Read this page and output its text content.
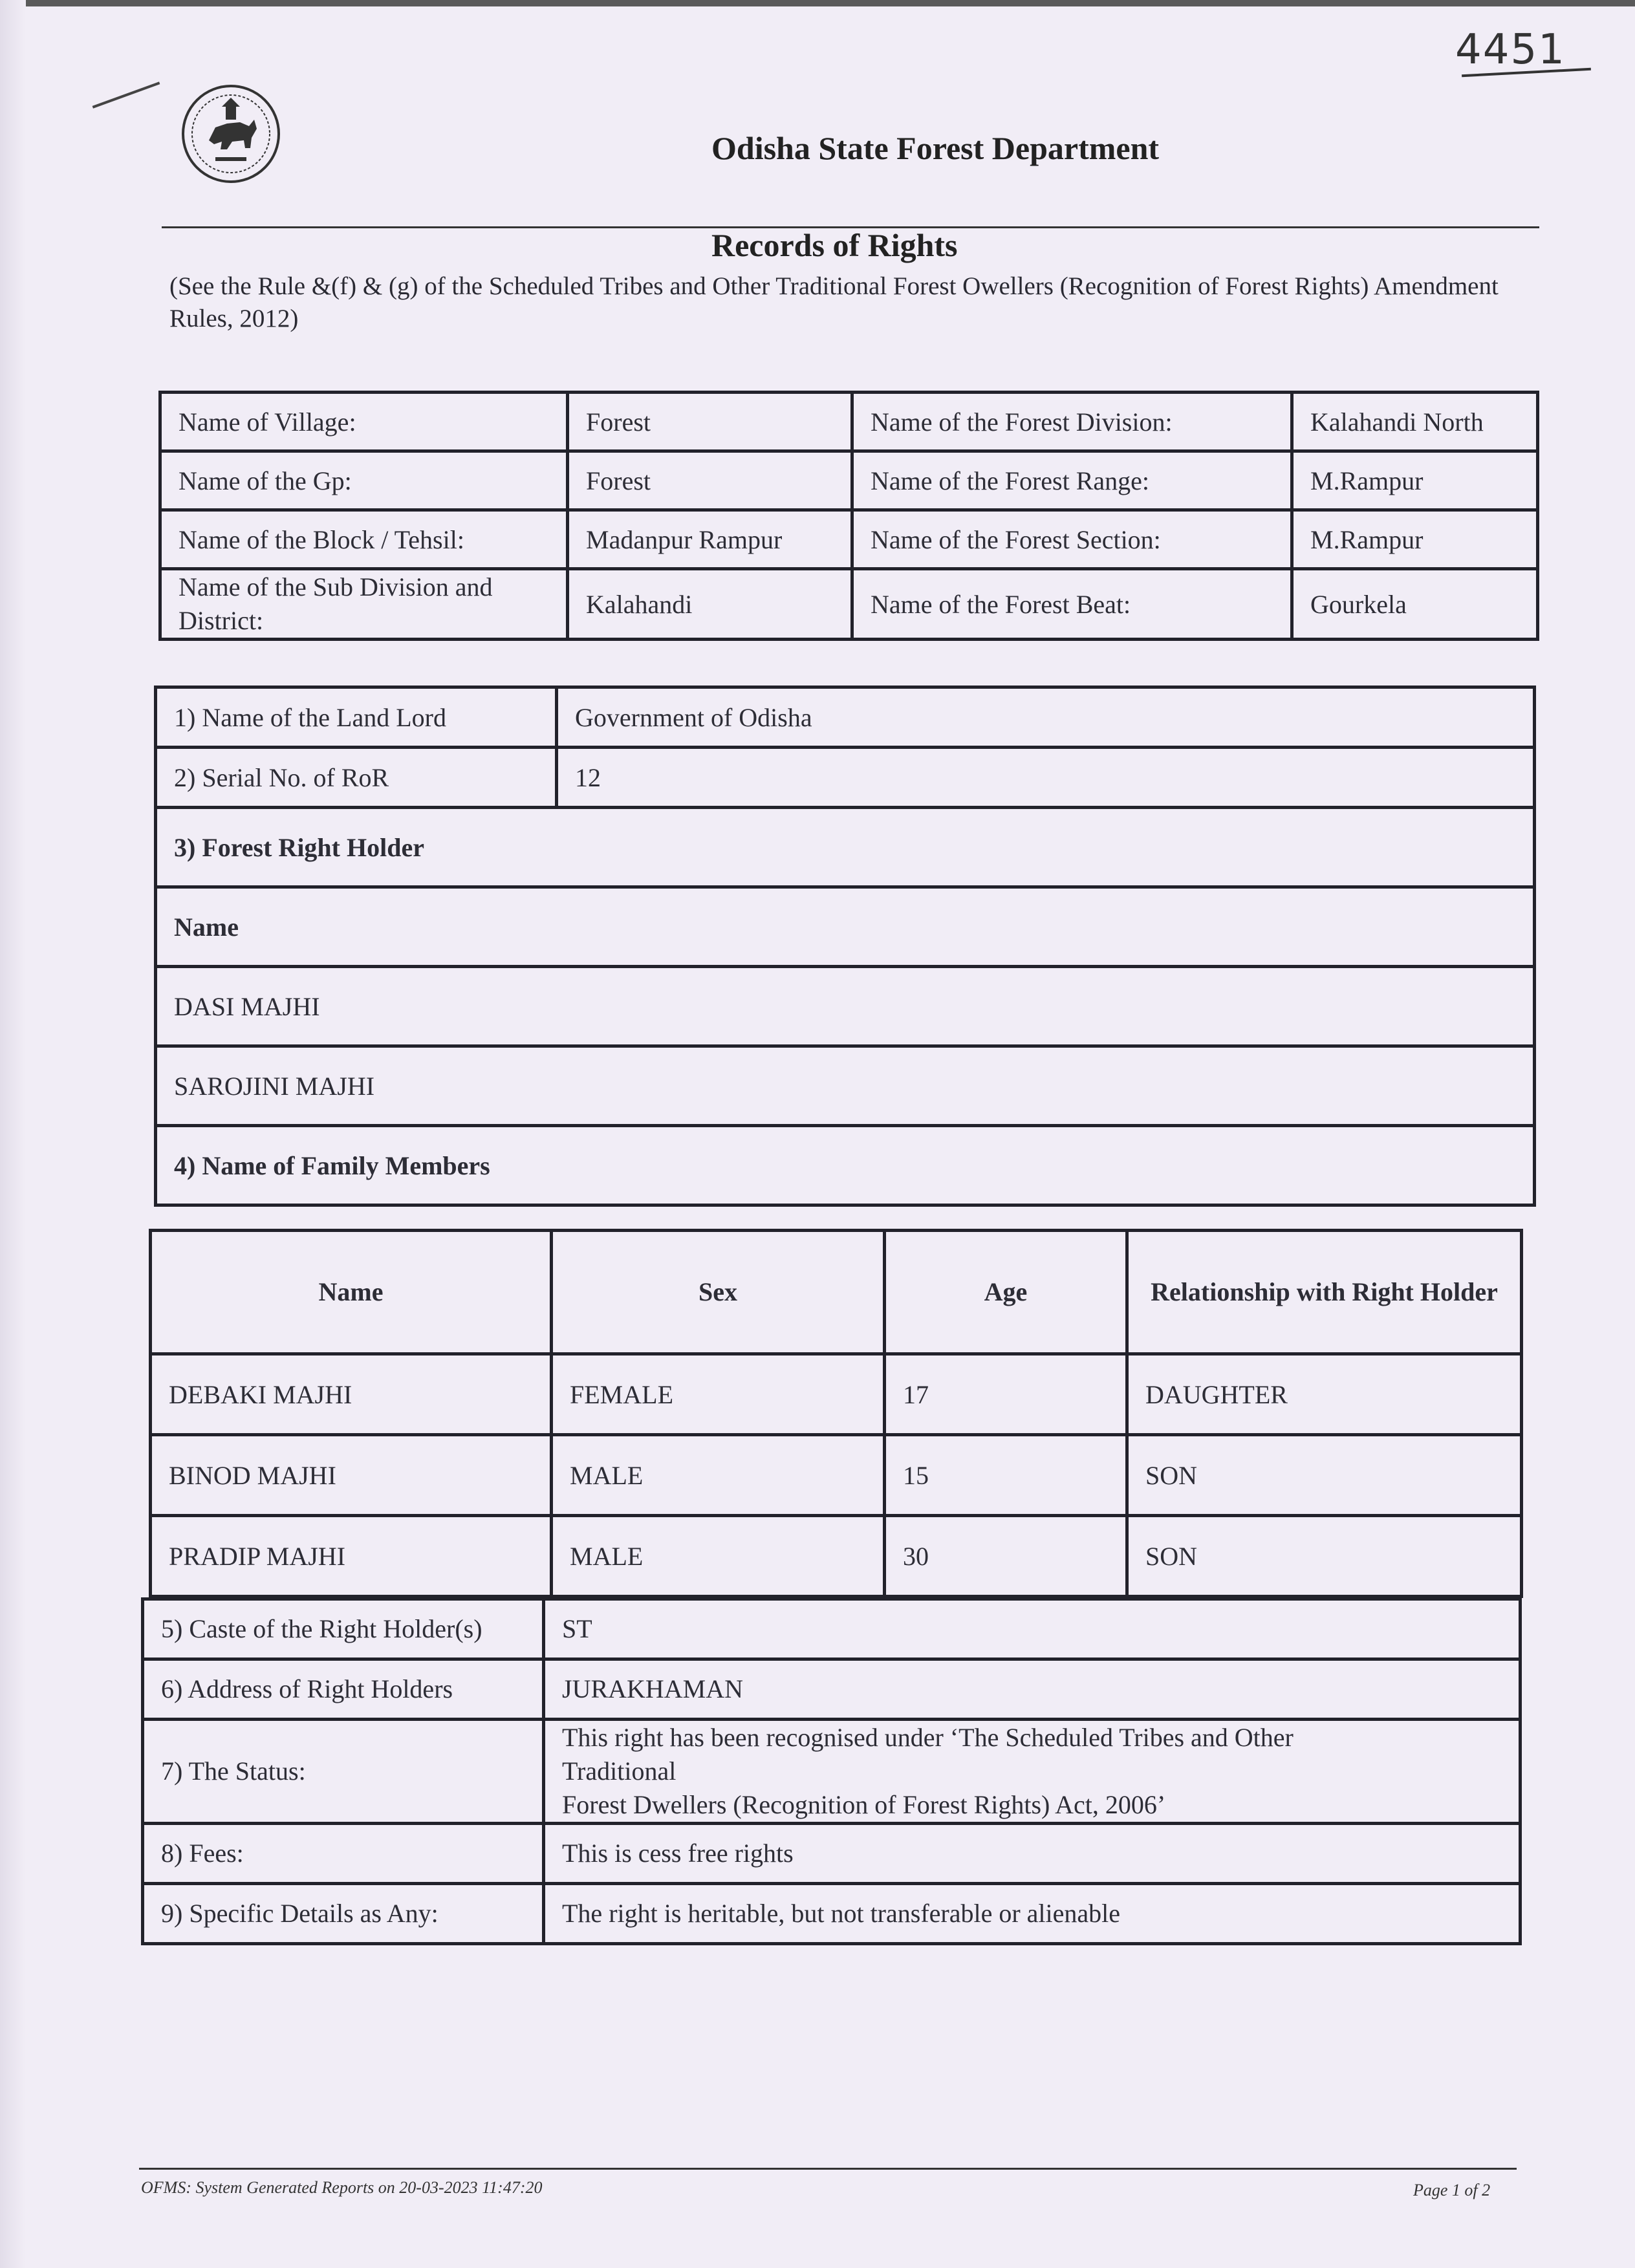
4451
Odisha State Forest Department
Records of Rights
(See the Rule &(f) & (g) of the Scheduled Tribes and Other Traditional Forest Owellers (Recognition of Forest Rights) Amendment Rules, 2012)
Name of Village:	Forest	Name of the Forest Division:	Kalahandi North
Name of the Gp:	Forest	Name of the Forest Range:	M.Rampur
Name of the Block / Tehsil:	Madanpur Rampur	Name of the Forest Section:	M.Rampur
Name of the Sub Division and District:	Kalahandi	Name of the Forest Beat:	Gourkela
1) Name of the Land Lord	Government of Odisha
2) Serial No. of RoR	12
3) Forest Right Holder	
Name	
DASI MAJHI	
SAROJINI MAJHI	
4) Name of Family Members	
Name	Sex	Age	Relationship with Right Holder
DEBAKI MAJHI	FEMALE	17	DAUGHTER
BINOD MAJHI	MALE	15	SON
PRADIP MAJHI	MALE	30	SON
5) Caste of the Right Holder(s)	ST
6) Address of Right Holders	JURAKHAMAN
7) The Status:	This right has been recognised under ‘The Scheduled Tribes and Other
Traditional
Forest Dwellers (Recognition of Forest Rights) Act, 2006’

8) Fees:	This is cess free rights
9) Specific Details as Any:	The right is heritable, but not transferable or alienable
OFMS: System Generated Reports on 20-03-2023 11:47:20	Page 1 of 2
